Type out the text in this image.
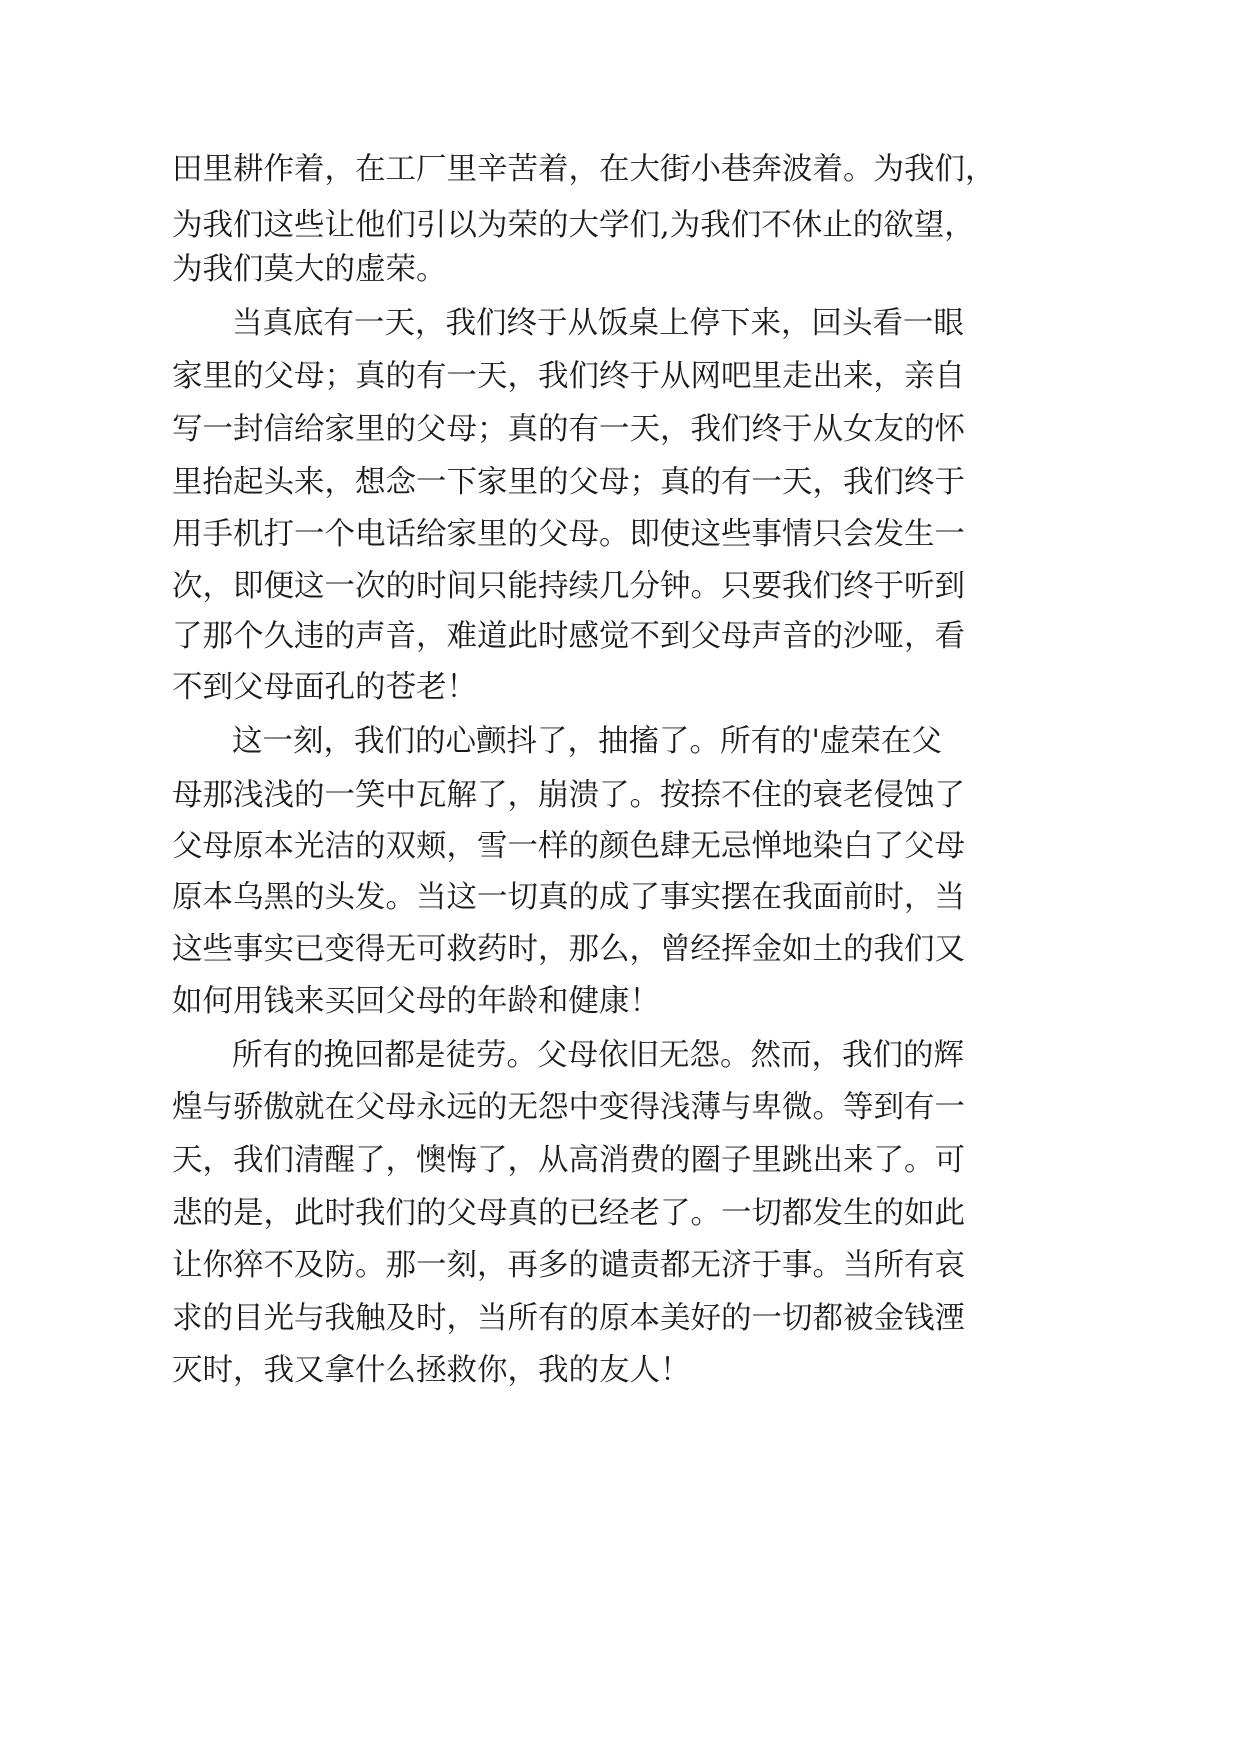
田里耕作着，在工厂里辛苦着，在大街小巷奔波着。为我们，

为我们这些让他们引以为荣的大学们,为我们不休止的欲望，

为我们莫大的虚荣。

当真底有一天，我们终于从饭桌上停下来，回头看一眼

家里的父母；真的有一天，我们终于从网吧里走出来，亲自

写一封信给家里的父母；真的有一天，我们终于从女友的怀

里抬起头来，想念一下家里的父母；真的有一天，我们终于

用手机打一个电话给家里的父母。即使这些事情只会发生一

次，即便这一次的时间只能持续几分钟。只要我们终于听到

了那个久违的声音，难道此时感觉不到父母声音的沙哑，看

不到父母面孔的苍老！

这一刻，我们的心颤抖了，抽搐了。所有的'虚荣在父

母那浅浅的一笑中瓦解了，崩溃了。按捺不住的衰老侵蚀了

父母原本光洁的双颊，雪一样的颜色肆无忌惮地染白了父母

原本乌黑的头发。当这一切真的成了事实摆在我面前时，当

这些事实已变得无可救药时，那么，曾经挥金如土的我们又

如何用钱来买回父母的年龄和健康！

所有的挽回都是徒劳。父母依旧无怨。然而，我们的辉

煌与骄傲就在父母永远的无怨中变得浅薄与卑微。等到有一

天，我们清醒了，懊悔了，从高消费的圈子里跳出来了。可

悲的是，此时我们的父母真的已经老了。一切都发生的如此

让你猝不及防。那一刻，再多的谴责都无济于事。当所有哀

求的目光与我触及时，当所有的原本美好的一切都被金钱湮

灭时，我又拿什么拯救你，我的友人！
